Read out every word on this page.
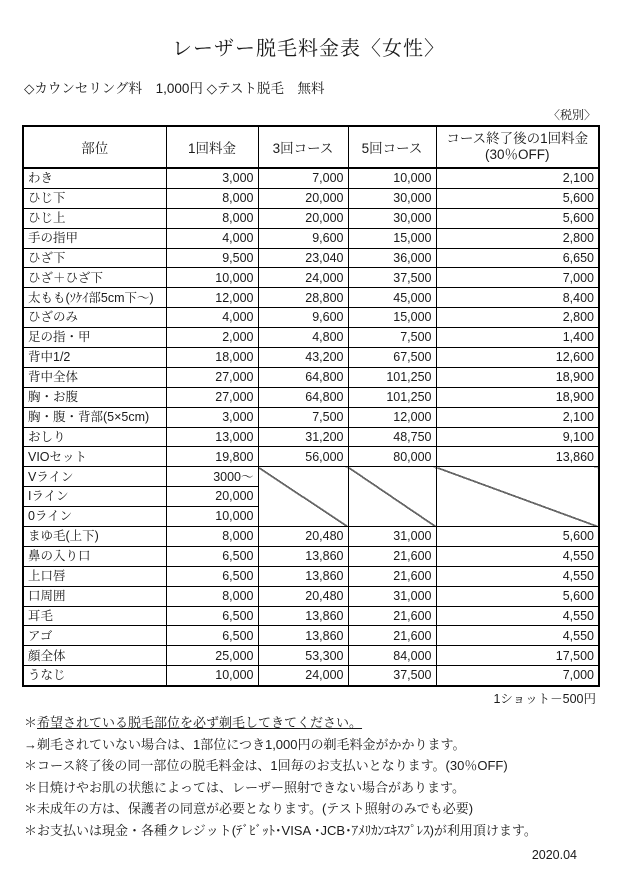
レーザー脱毛料金表〈女性〉
◇カウンセリング料　1,000円 ◇テスト脱毛　無料
〈税別〉
部位	1回料金	3回コース	5回コース	コース終了後の1回料金
(30％OFF)
わき	3,000	7,000	10,000	2,100
ひじ下	8,000	20,000	30,000	5,600
ひじ上	8,000	20,000	30,000	5,600
手の指甲	4,000	9,600	15,000	2,800
ひざ下	9,500	23,040	36,000	6,650
ひざ＋ひざ下	10,000	24,000	37,500	7,000
太もも(ｿｹｲ部5cm下～)	12,000	28,800	45,000	8,400
ひざのみ	4,000	9,600	15,000	2,800
足の指・甲	2,000	4,800	7,500	1,400
背中1/2	18,000	43,200	67,500	12,600
背中全体	27,000	64,800	101,250	18,900
胸・お腹	27,000	64,800	101,250	18,900
胸・腹・背部(5×5cm)	3,000	7,500	12,000	2,100
おしり	13,000	31,200	48,750	9,100
VIOセット	19,800	56,000	80,000	13,860
Vライン	3000～			
Iライン	20,000			
0ライン	10,000			
まゆ毛(上下)	8,000	20,480	31,000	5,600
鼻の入り口	6,500	13,860	21,600	4,550
上口唇	6,500	13,860	21,600	4,550
口周囲	8,000	20,480	31,000	5,600
耳毛	6,500	13,860	21,600	4,550
アゴ	6,500	13,860	21,600	4,550
顔全体	25,000	53,300	84,000	17,500
うなじ	10,000	24,000	37,500	7,000
1ショット－500円
＊希望されている脱毛部位を必ず剃毛してきてください。
→剃毛されていない場合は、1部位につき1,000円の剃毛料金がかかります。
＊コース終了後の同一部位の脱毛料金は、1回毎のお支払いとなります。(30％OFF)
＊日焼けやお肌の状態によっては、レーザー照射できない場合があります。
＊未成年の方は、保護者の同意が必要となります。(テスト照射のみでも必要)
＊お支払いは現金・各種クレジット(ﾃﾞﾋﾞｯﾄ･VISA ･JCB･ｱﾒﾘｶﾝｴｷｽﾌﾟﾚｽ)が利用頂けます。
2020.04
